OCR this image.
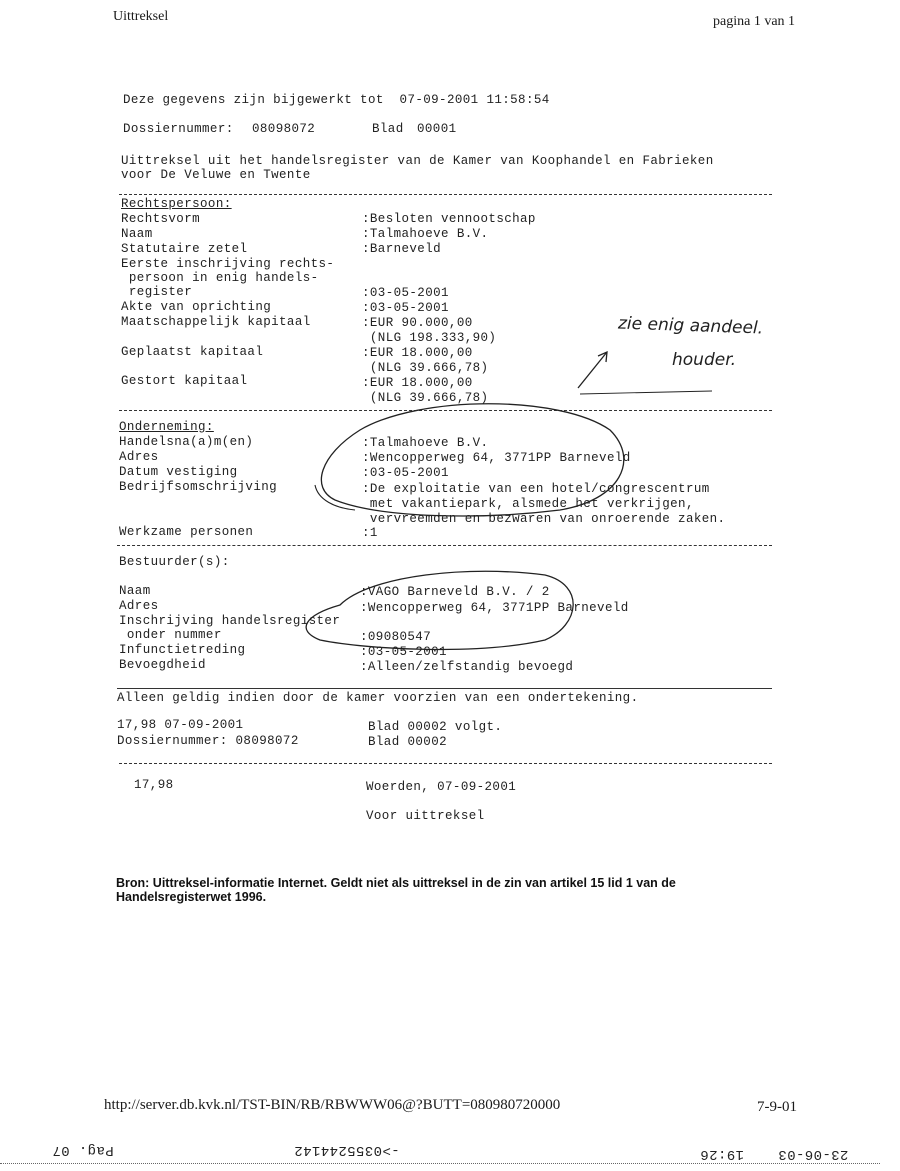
Uittreksel	pagina 1 van 1
Deze gegevens zijn bijgewerkt tot  07-09-2001 11:58:54
Dossiernummer: 08098072	Blad 00001
Uittreksel uit het handelsregister van de Kamer van Koophandel en Fabrieken
voor De Veluwe en Twente
Rechtspersoon:
Rechtsvorm	:Besloten vennootschap
Naam	:Talmahoeve B.V.
Statutaire zetel	:Barneveld
Eerste inschrijving rechts-
persoon in enig handels-
register	:03-05-2001
Akte van oprichting	:03-05-2001
Maatschappelijk kapitaal	:EUR 90.000,00
(NLG 198.333,90)
Geplaatst kapitaal	:EUR 18.000,00
(NLG 39.666,78)
Gestort kapitaal	:EUR 18.000,00
(NLG 39.666,78)
zie enig aandeel.
houder.
Onderneming:
Handelsna(a)m(en)	:Talmahoeve B.V.
Adres	:Wencopperweg 64, 3771PP Barneveld
Datum vestiging	:03-05-2001
Bedrijfsomschrijving	:De exploitatie van een hotel/congrescentrum
met vakantiepark, alsmede het verkrijgen,
vervreemden en bezwaren van onroerende zaken.
Werkzame personen	:1
Bestuurder(s):
Naam	:VAGO Barneveld B.V. / 2
Adres	:Wencopperweg 64, 3771PP Barneveld
Inschrijving handelsregister
onder nummer	:09080547
Infunctietreding	:03-05-2001
Bevoegdheid	:Alleen/zelfstandig bevoegd
Alleen geldig indien door de kamer voorzien van een ondertekening.
17,98 07-09-2001	Blad 00002 volgt.
Dossiernummer: 08098072	Blad 00002
17,98	Woerden, 07-09-2001
Voor uittreksel
Bron: Uittreksel-informatie Internet. Geldt niet als uittreksel in de zin van artikel 15 lid 1 van de
Handelsregisterwet 1996.
http://server.db.kvk.nl/TST-BIN/RB/RBWWW06@?BUTT=080980720000	7-9-01
Pag. 07	->0355244142	19:26 23-06-03
